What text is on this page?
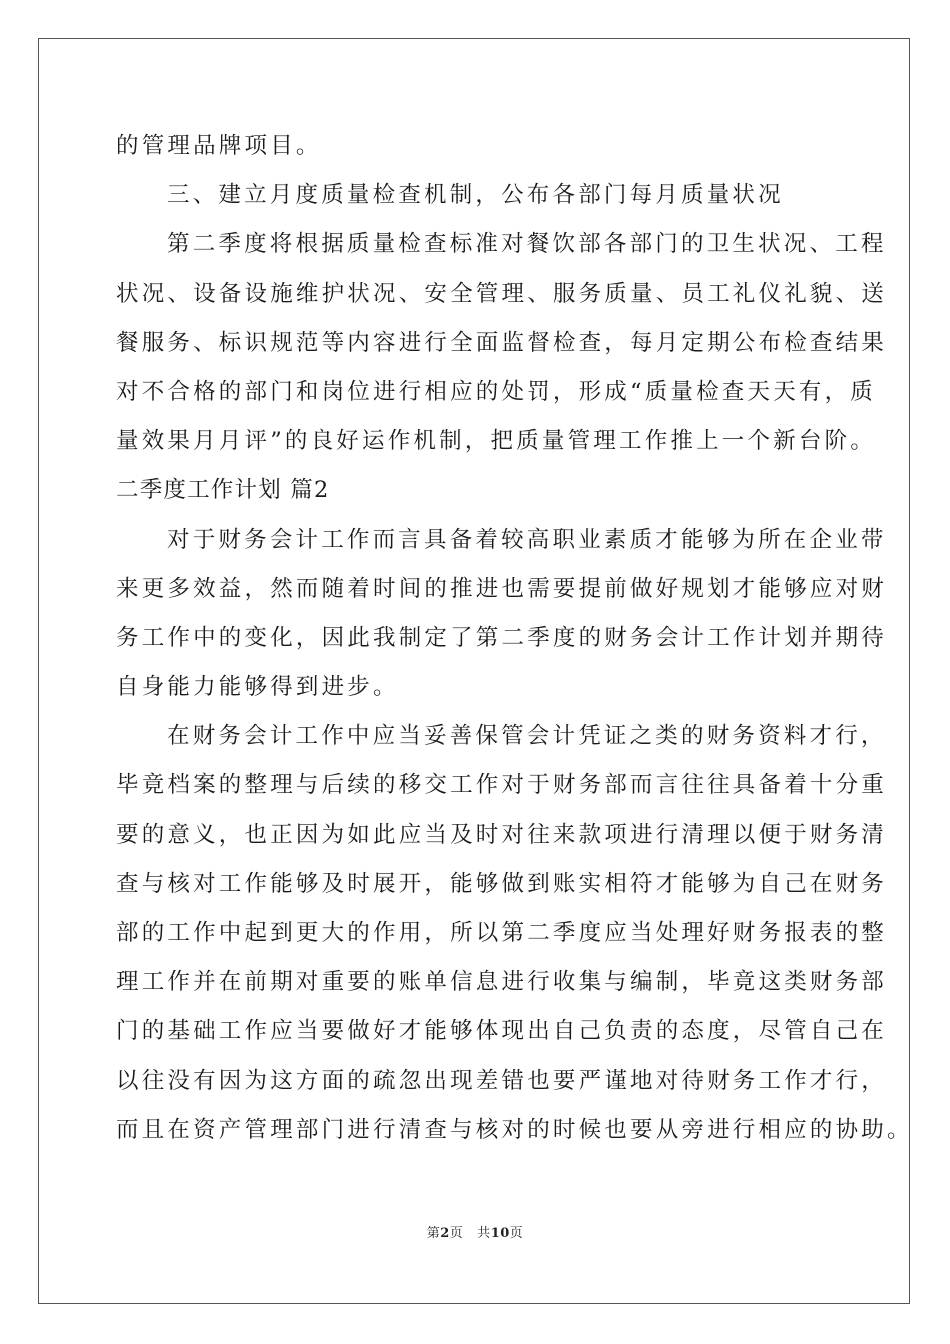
的管理品牌项目。
三、建立月度质量检查机制，公布各部门每月质量状况
第二季度将根据质量检查标准对餐饮部各部门的卫生状况、工程
状况、设备设施维护状况、安全管理、服务质量、员工礼仪礼貌、送
餐服务、标识规范等内容进行全面监督检查，每月定期公布检查结果
对不合格的部门和岗位进行相应的处罚，形成“质量检查天天有，质
量效果月月评”的良好运作机制，把质量管理工作推上一个新台阶。
二季度工作计划 篇2
对于财务会计工作而言具备着较高职业素质才能够为所在企业带
来更多效益，然而随着时间的推进也需要提前做好规划才能够应对财
务工作中的变化，因此我制定了第二季度的财务会计工作计划并期待
自身能力能够得到进步。
在财务会计工作中应当妥善保管会计凭证之类的财务资料才行，
毕竟档案的整理与后续的移交工作对于财务部而言往往具备着十分重
要的意义，也正因为如此应当及时对往来款项进行清理以便于财务清
查与核对工作能够及时展开，能够做到账实相符才能够为自己在财务
部的工作中起到更大的作用，所以第二季度应当处理好财务报表的整
理工作并在前期对重要的账单信息进行收集与编制，毕竟这类财务部
门的基础工作应当要做好才能够体现出自己负责的态度，尽管自己在
以往没有因为这方面的疏忽出现差错也要严谨地对待财务工作才行，
而且在资产管理部门进行清查与核对的时候也要从旁进行相应的协助。
第2页 共10页
